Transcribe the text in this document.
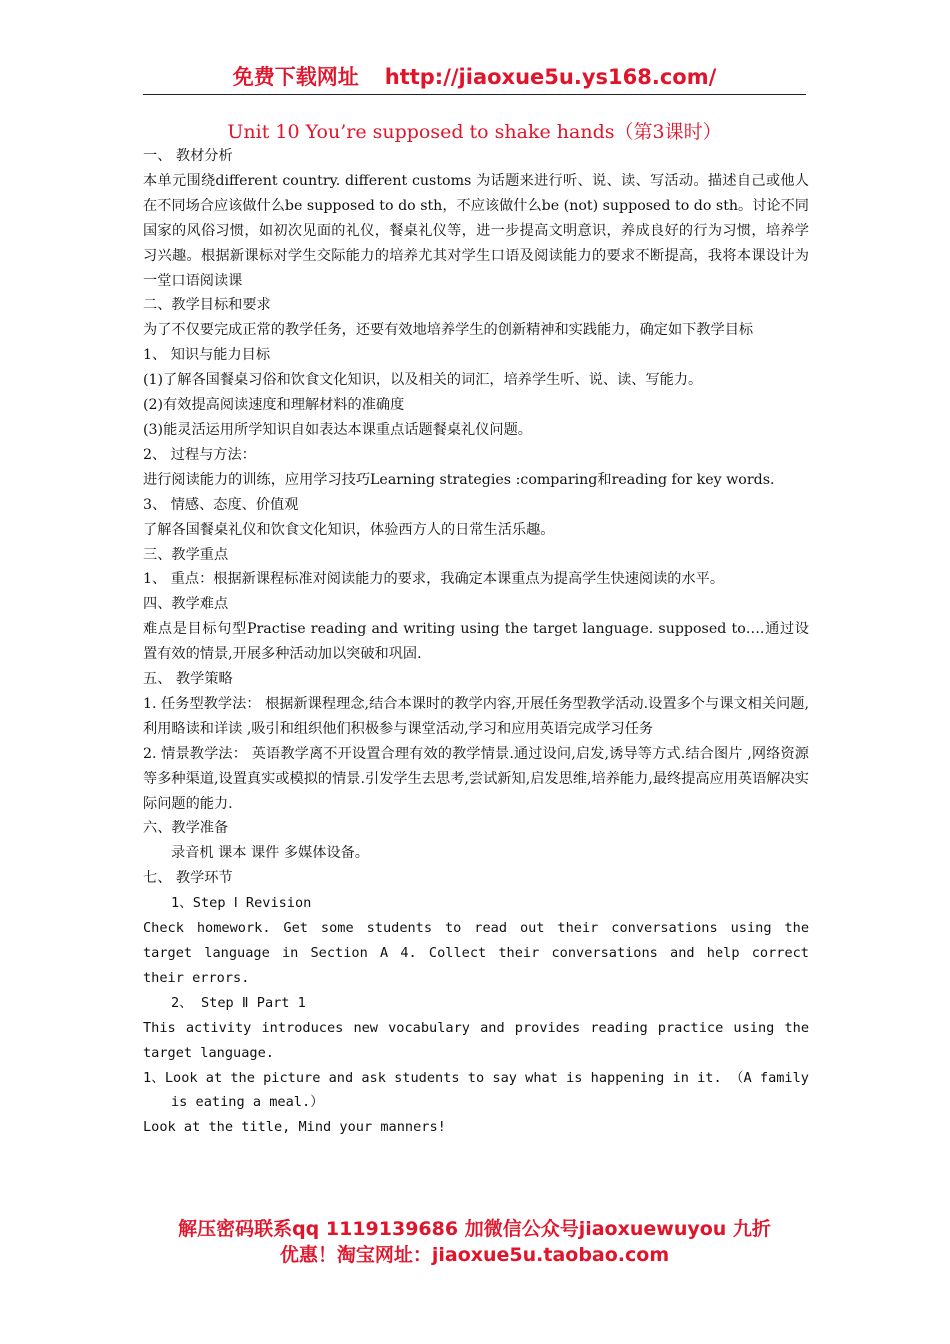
免费下载网址 http://jiaoxue5u.ys168.com/
Unit 10 You’re supposed to shake hands（第3课时）

一、 教材分析

本单元围绕different country. different customs 为话题来进行听、说、读、写活动。描述自己或他人在不同场合应该做什么be supposed to do sth，不应该做什么be (not) supposed to do sth。讨论不同国家的风俗习惯，如初次见面的礼仪，餐桌礼仪等，进一步提高文明意识，养成良好的行为习惯，培养学习兴趣。根据新课标对学生交际能力的培养尤其对学生口语及阅读能力的要求不断提高，我将本课设计为一堂口语阅读课

二、教学目标和要求

为了不仅要完成正常的教学任务，还要有效地培养学生的创新精神和实践能力，确定如下教学目标

1、 知识与能力目标

(1)了解各国餐桌习俗和饮食文化知识，以及相关的词汇，培养学生听、说、读、写能力。

(2)有效提高阅读速度和理解材料的准确度

(3)能灵活运用所学知识自如表达本课重点话题餐桌礼仪问题。

2、 过程与方法：

进行阅读能力的训练，应用学习技巧Learning strategies :comparing和reading for key words.

3、 情感、态度、价值观

了解各国餐桌礼仪和饮食文化知识，体验西方人的日常生活乐趣。

三、教学重点

1、 重点：根据新课程标准对阅读能力的要求，我确定本课重点为提高学生快速阅读的水平。

四、教学难点

难点是目标句型Practise reading and writing using the target language. supposed to….通过设置有效的情景,开展多种活动加以突破和巩固.

五、 教学策略

1. 任务型教学法： 根据新课程理念,结合本课时的教学内容,开展任务型教学活动.设置多个与课文相关问题,利用略读和详读 ,吸引和组织他们积极参与课堂活动,学习和应用英语完成学习任务

2. 情景教学法： 英语教学离不开设置合理有效的教学情景.通过设问,启发,诱导等方式.结合图片 ,网络资源等多种渠道,设置真实或模拟的情景.引发学生去思考,尝试新知,启发思维,培养能力,最终提高应用英语解决实际问题的能力.

六、教学准备

录音机 课本 课件 多媒体设备。

七、 教学环节

1、Step Ⅰ Revision

Check homework. Get some students to read out their conversations using the target language in Section A 4. Collect their conversations and help correct their errors.

2、 Step Ⅱ Part 1

This activity introduces new vocabulary and provides reading practice using the target language.

1、Look at the picture and ask students to say what is happening in it. （A family is eating a meal.）

Look at the title, Mind your manners!

解压密码联系qq 1119139686 加微信公众号jiaoxuewuyou 九折
优惠！淘宝网址：jiaoxue5u.taobao.com
